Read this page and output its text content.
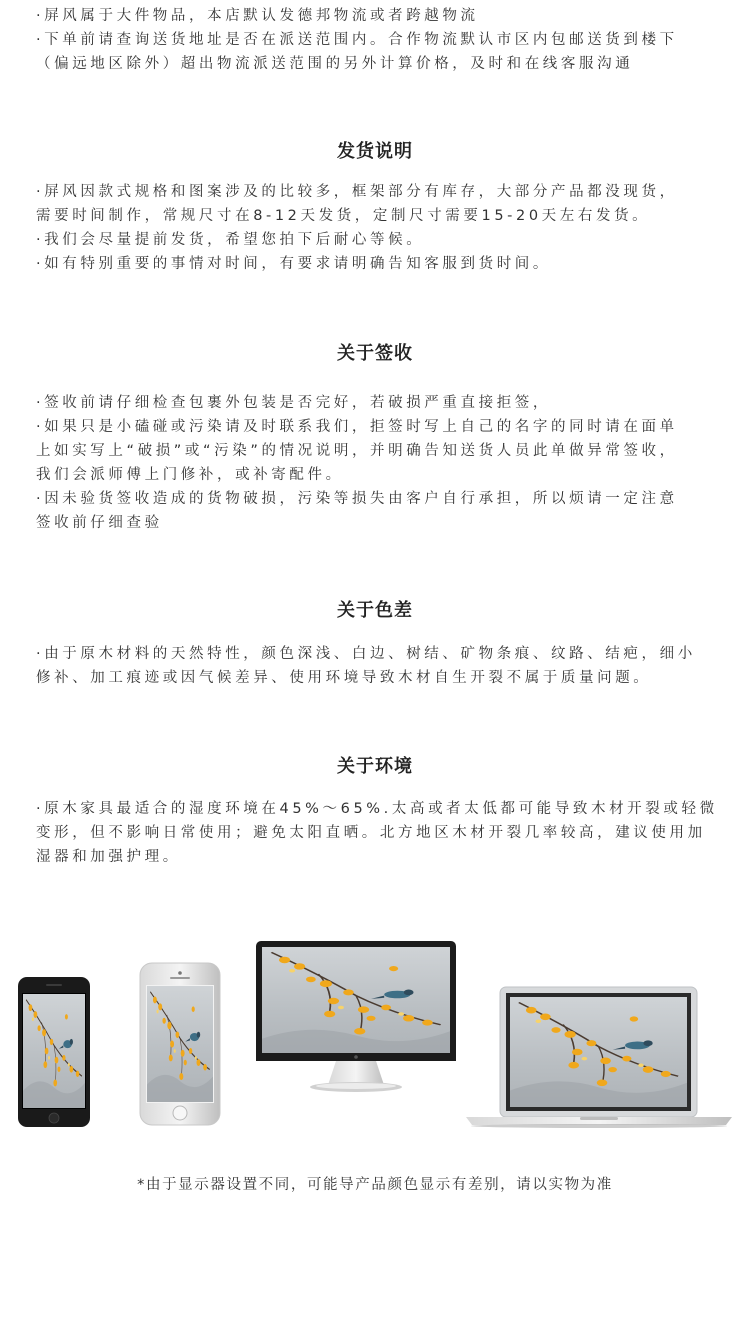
·屏风属于大件物品，本店默认发德邦物流或者跨越物流
·下单前请查询送货地址是否在派送范围内。合作物流默认市区内包邮送货到楼下
（偏远地区除外）超出物流派送范围的另外计算价格，及时和在线客服沟通
发货说明
·屏风因款式规格和图案涉及的比较多，框架部分有库存，大部分产品都没现货，
需要时间制作，常规尺寸在8-12天发货，定制尺寸需要15-20天左右发货。
·我们会尽量提前发货，希望您拍下后耐心等候。
·如有特别重要的事情对时间，有要求请明确告知客服到货时间。
关于签收
·签收前请仔细检查包裹外包装是否完好，若破损严重直接拒签，
·如果只是小磕碰或污染请及时联系我们，拒签时写上自己的名字的同时请在面单
上如实写上“破损”或“污染”的情况说明，并明确告知送货人员此单做异常签收，
我们会派师傅上门修补，或补寄配件。
·因未验货签收造成的货物破损，污染等损失由客户自行承担，所以烦请一定注意
签收前仔细查验
关于色差
·由于原木材料的天然特性，颜色深浅、白边、树结、矿物条痕、纹路、结疤，细小
修补、加工痕迹或因气候差异、使用环境导致木材自生开裂不属于质量问题。
关于环境
·原木家具最适合的湿度环境在45%～65%.太高或者太低都可能导致木材开裂或轻微
变形，但不影响日常使用；避免太阳直晒。北方地区木材开裂几率较高，建议使用加
湿器和加强护理。
*由于显示器设置不同，可能导产品颜色显示有差别，请以实物为准
